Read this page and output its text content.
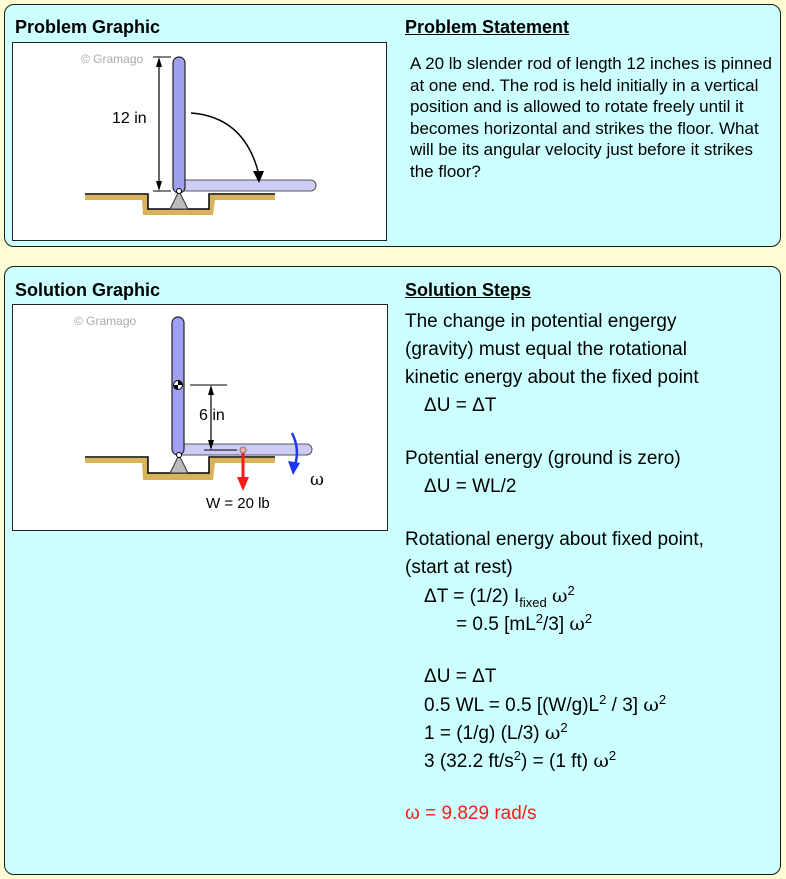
Problem Graphic	Problem Statement
© Gramago
12 in

A 20 lb slender rod of length 12 inches is pinned at one end. The rod is held initially in a vertical position and is allowed to rotate freely until it becomes horizontal and strikes the floor. What will be its angular velocity just before it strikes the floor?

Solution Graphic	Solution Steps
© Gramago
6 in
W = 20 lb
ω
The change in potential engergy
(gravity) must equal the rotational
kinetic energy about the fixed point
ΔU = ΔT
Potential energy (ground is zero)
ΔU = WL/2
Rotational energy about fixed point,
(start at rest)
ΔT = (1/2) $I_{fixed}$ $\omega^2$
= 0.5 $[mL^2/3]$ $\omega^2$
ΔU = ΔT
0.5 WL = 0.5 $[(W/g)L^2 / 3]$ $\omega^2$
1 = (1/g) (L/3) $\omega^2$
3 (32.2 $ft/s^2) = (1$ ft) $\omega^2$
ω = 9.829 rad/s
